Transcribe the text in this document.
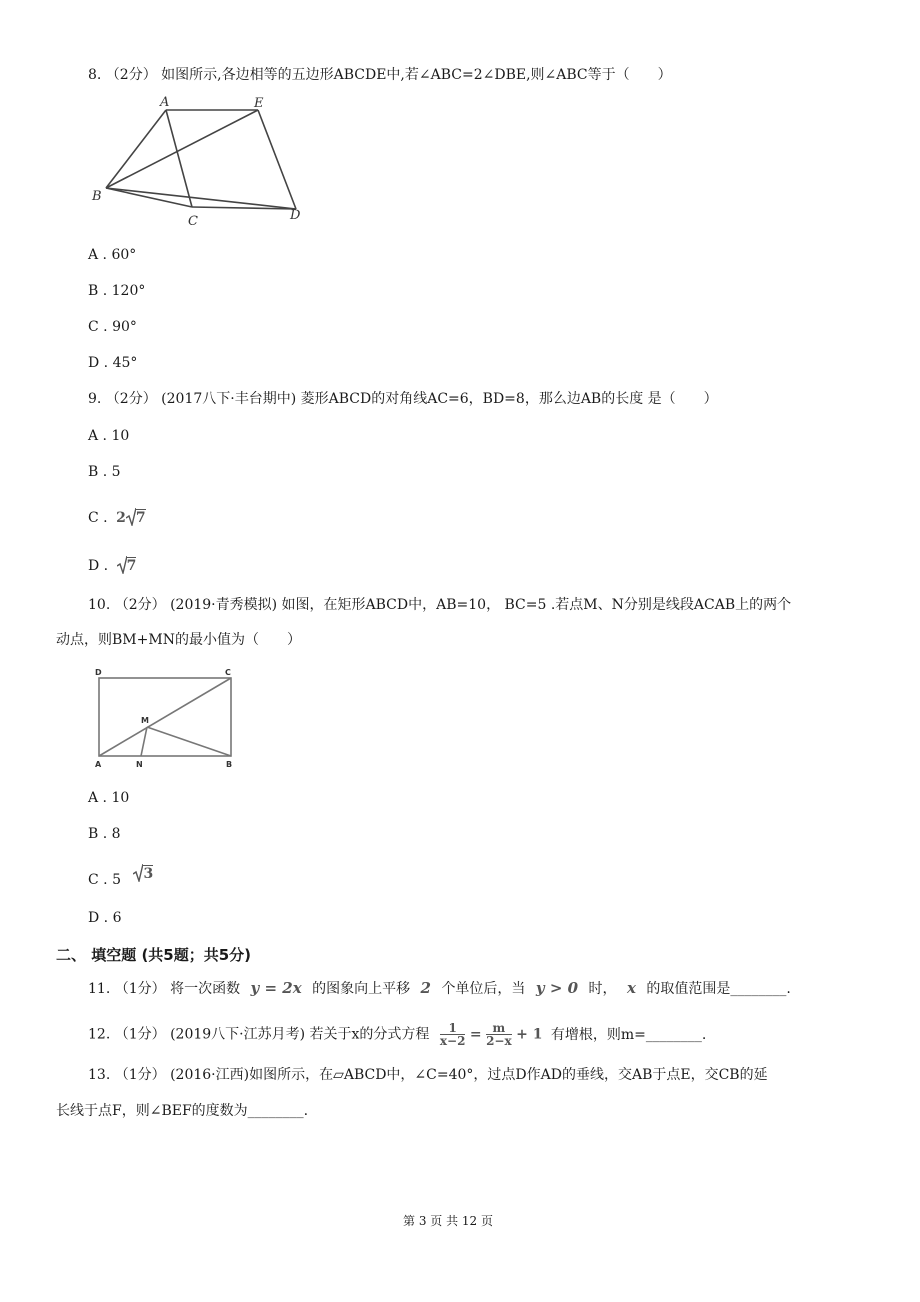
8. （2分） 如图所示,各边相等的五边形ABCDE中,若∠ABC=2∠DBE,则∠ABC等于（　　）
A	E
B
C	D
A . 60°
B . 120°
C . 90°
D . 45°
9. （2分） (2017八下·丰台期中) 菱形ABCD的对角线AC=6，BD=8，那么边AB的长度 是（　　）
A . 10
B . 5
C . 2 7
D . 7
10. （2分） (2019·青秀模拟) 如图，在矩形ABCD中，AB=10， BC=5 .若点M、N分别是线段ACAB上的两个
动点，则BM+MN的最小值为（　　）
D	C
M
A	N	B
A . 10
B . 8
C . 5 3
D . 6
二、 填空题 (共5题；共5分)
11. （1分） 将一次函数 y = 2x 的图象向上平移 2 个单位后，当 y > 0 时， x 的取值范围是________.
12. （1分） (2019八下·江苏月考) 若关于x的分式方程 $\frac{1}{x-2} = \frac{m}{2-x} + 1$ 有增根，则m=________.
13. （1分） (2016·江西)如图所示，在▱ABCD中，∠C=40°，过点D作AD的垂线，交AB于点E，交CB的延
长线于点F，则∠BEF的度数为________.
第 3 页 共 12 页
